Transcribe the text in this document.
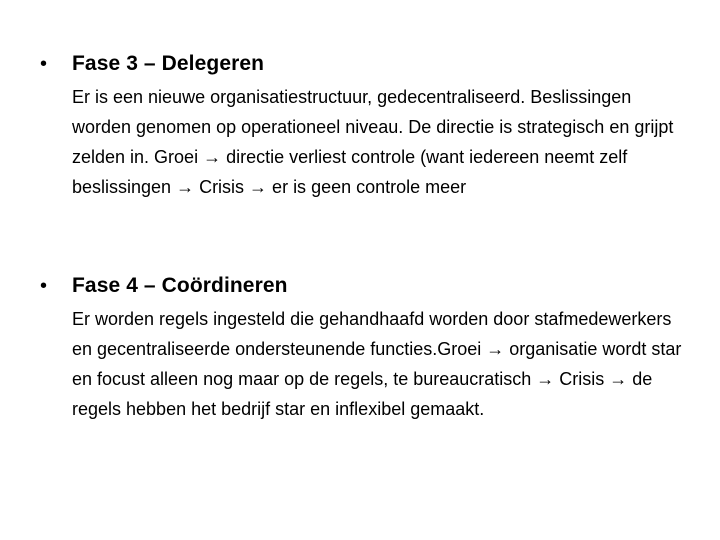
•	Fase 3 – Delegeren
Er is een nieuwe organisatiestructuur, gedecentraliseerd. Beslissingen worden genomen op operationeel niveau. De directie is strategisch en grijpt zelden in. Groei → directie verliest controle (want iedereen neemt zelf beslissingen → Crisis → er is geen controle meer
•	Fase 4 – Coördineren
Er worden regels ingesteld die gehandhaafd worden door stafmedewerkers en gecentraliseerde ondersteunende functies.Groei → organisatie wordt star en focust alleen nog maar op de regels, te bureaucratisch → Crisis → de regels hebben het bedrijf star en inflexibel gemaakt.
